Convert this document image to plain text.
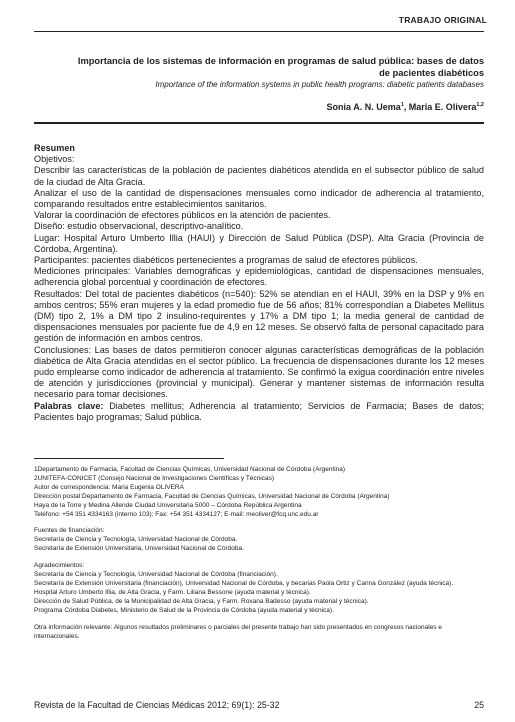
TRABAJO ORIGINAL
Importancia de los sistemas de información en programas de salud pública: bases de datos
de pacientes diabéticos
Importance of the information systems in public health programs: diabetic patients databases
Sonia A. N. Uema$^1$, Maria E. Olivera$^{1,2}$

Resumen

Objetivos:

Describir las características de la población de pacientes diabéticos atendida en el subsector público de salud de la ciudad de Alta Gracia.

Analizar el uso de la cantidad de dispensaciones mensuales como indicador de adherencia al tratamiento, comparando resultados entre establecimientos sanitarios.

Valorar la coordinación de efectores públicos en la atención de pacientes.

Diseño: estudio observacional, descriptivo-analítico.

Lugar: Hospital Arturo Umberto Illia (HAUI) y Dirección de Salud Pública (DSP). Alta Gracia (Provincia de Córdoba, Argentina).

Participantes: pacientes diabéticos pertenecientes a programas de salud de efectores públicos.

Mediciones principales: Variables demográficas y epidemiológicas, cantidad de dispensaciones mensuales, adherencia global porcentual y coordinación de efectores.

Resultados: Del total de pacientes diabéticos (n=540): 52% se atendían en el HAUI, 39% en la DSP y 9% en ambos centros; 55% eran mujeres y la edad promedio fue de 56 años; 81% correspondían a Diabetes Mellitus (DM) tipo 2, 1% a DM tipo 2 insulino-requirentes y 17% a DM tipo 1; la media general de cantidad de dispensaciones mensuales por paciente fue de 4,9 en 12 meses. Se observó falta de personal capacitado para gestión de información en ambos centros.

Conclusiones: Las bases de datos permitieron conocer algunas características demográficas de la población diabética de Alta Gracia atendidas en el sector público. La frecuencia de dispensaciones durante los 12 meses pudo emplearse como indicador de adherencia al tratamiento. Se confirmó la exigua coordinación entre niveles de atención y jurisdicciones (provincial y municipal). Generar y mantener sistemas de información resulta necesario para tomar decisiones.

Palabras clave: Diabetes mellitus; Adherencia al tratamiento; Servicios de Farmacia; Bases de datos; Pacientes bajo programas; Salud pública.

1Departamento de Farmacia, Facultad de Ciencias Químicas, Universidad Nacional de Córdoba (Argentina)
2UNITEFA-CONICET (Consejo Nacional de Investigaciones Científicas y Técnicas)
Autor de correspondencia: Maria Eugenia OLIVERA
Dirección postal:Departamento de Farmacia, Facultad de Ciencias Químicas, Universidad Nacional de Córdoba (Argentina)
Haya de la Torre y Medina Allende Ciudad Universitaria 5000 – Córdoba República Argentina
Teléfono: +54 351 4334163 (interno 103); Fax: +54 351 4334127; E-mail: meoliver@fcq.unc.edu.ar
Fuentes de financiación:
Secretaría de Ciencia y Tecnología, Universidad Nacional de Córdoba.
Secretaría de Extensión Universitaria, Universidad Nacional de Córdoba.
Agradecimientos:
Secretaría de Ciencia y Tecnología, Universidad Nacional de Córdoba (financiación).
Secretaría de Extensión Universitaria (financiación), Universidad Nacional de Córdoba, y becarias Paola Ortiz y Carina González (ayuda técnica).
Hospital Arturo Umberto Illia, de Alta Gracia, y Farm. Liliana Bessone (ayuda material y técnica).
Dirección de Salud Pública, de la Municipalidad de Alta Gracia, y Farm. Roxana Badesso (ayuda material y técnica).
Programa Córdoba Diabetes, Ministerio de Salud de la Provincia de Córdoba (ayuda material y técnica).
Otra información relevante: Algunos resultados preliminares o parciales del presente trabajo han sido presentados en congresos nacionales e internacionales.
Revista de la Facultad de Ciencias Médicas 2012; 69(1): 25-32	25
